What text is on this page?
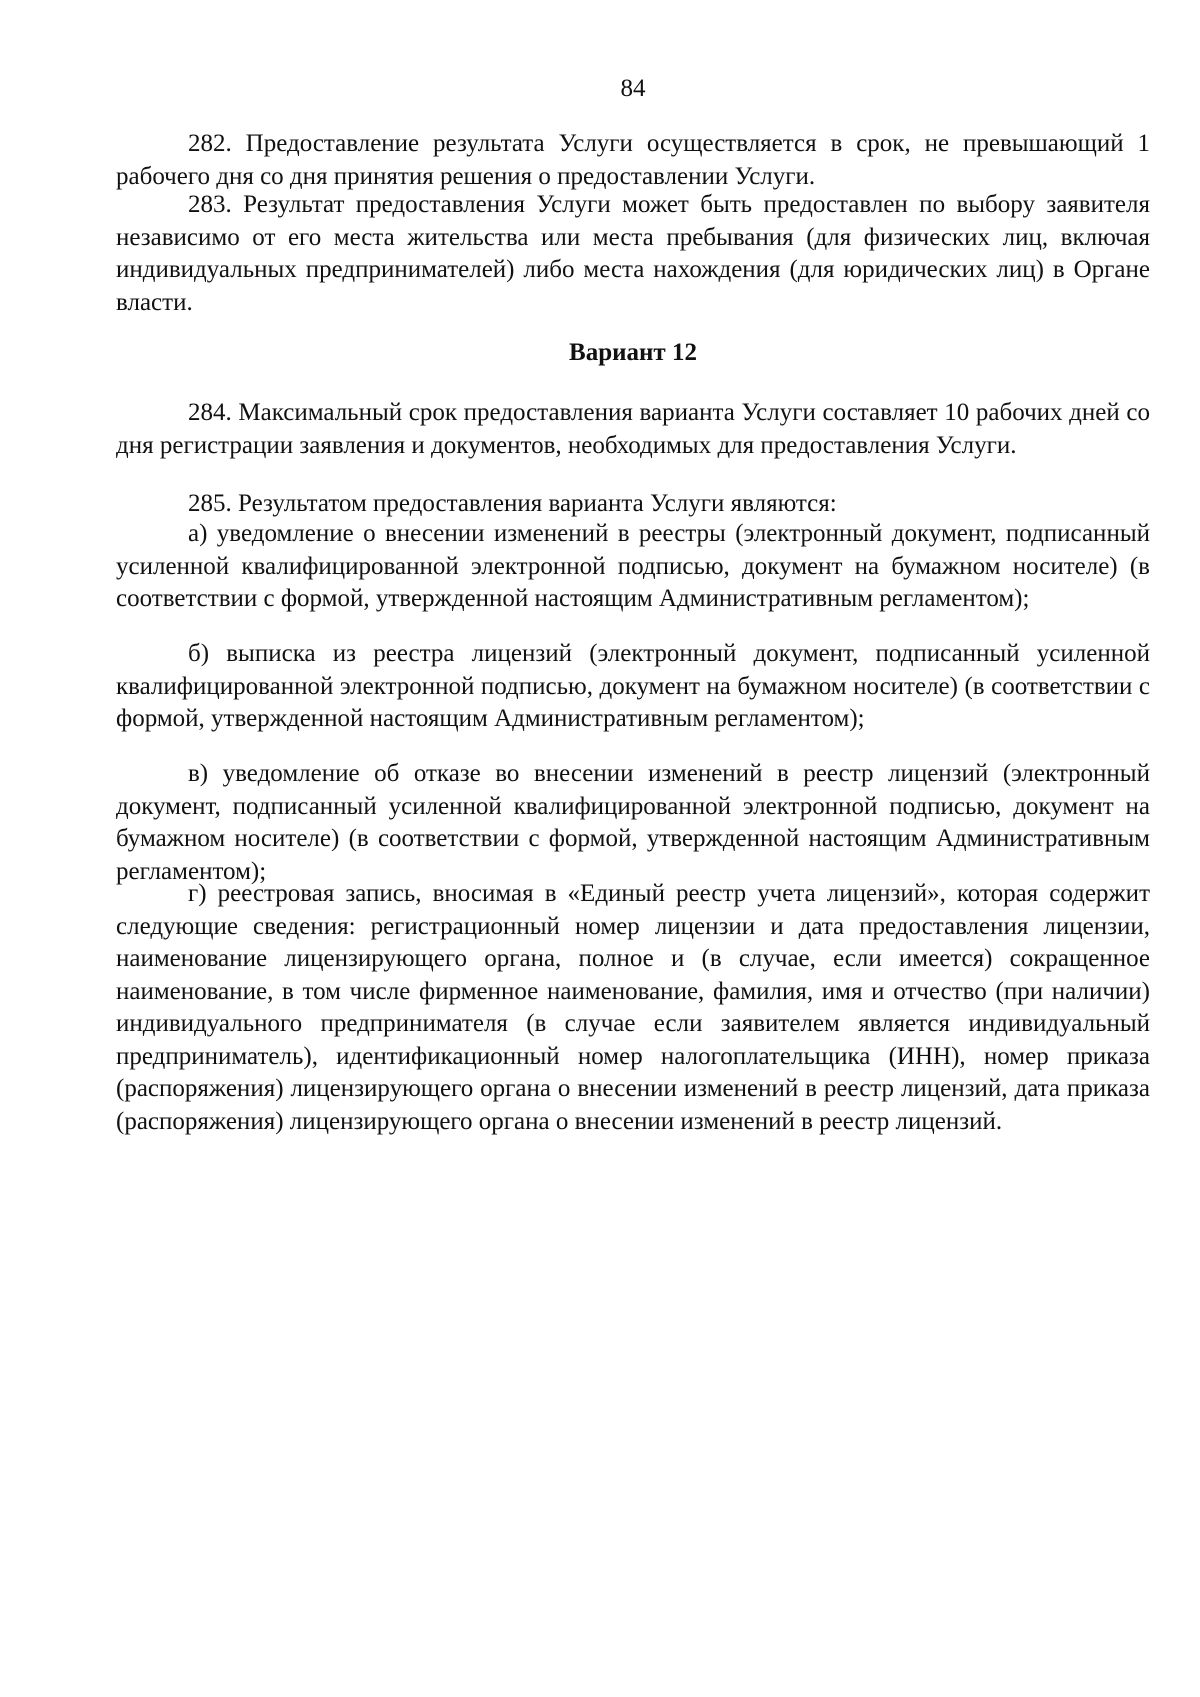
84

282. Предоставление результата Услуги осуществляется в срок, не превышающий 1 рабочего дня со дня принятия решения о предоставлении Услуги.

283. Результат предоставления Услуги может быть предоставлен по выбору заявителя независимо от его места жительства или места пребывания (для физических лиц, включая индивидуальных предпринимателей) либо места нахождения (для юридических лиц) в Органе власти.

Вариант 12

284. Максимальный срок предоставления варианта Услуги составляет 10 рабочих дней со дня регистрации заявления и документов, необходимых для предоставления Услуги.

285. Результатом предоставления варианта Услуги являются:

а) уведомление о внесении изменений в реестры (электронный документ, подписанный усиленной квалифицированной электронной подписью, документ на бумажном носителе) (в соответствии с формой, утвержденной настоящим Административным регламентом);

б) выписка из реестра лицензий (электронный документ, подписанный усиленной квалифицированной электронной подписью, документ на бумажном носителе) (в соответствии с формой, утвержденной настоящим Административным регламентом);

в) уведомление об отказе во внесении изменений в реестр лицензий (электронный документ, подписанный усиленной квалифицированной электронной подписью, документ на бумажном носителе) (в соответствии с формой, утвержденной настоящим Административным регламентом);

г) реестровая запись, вносимая в «Единый реестр учета лицензий», которая содержит следующие сведения: регистрационный номер лицензии и дата предоставления лицензии, наименование лицензирующего органа, полное и (в случае, если имеется) сокращенное наименование, в том числе фирменное наименование, фамилия, имя и отчество (при наличии) индивидуального предпринимателя (в случае если заявителем является индивидуальный предприниматель), идентификационный номер налогоплательщика (ИНН), номер приказа (распоряжения) лицензирующего органа о внесении изменений в реестр лицензий, дата приказа (распоряжения) лицензирующего органа о внесении изменений в реестр лицензий.
